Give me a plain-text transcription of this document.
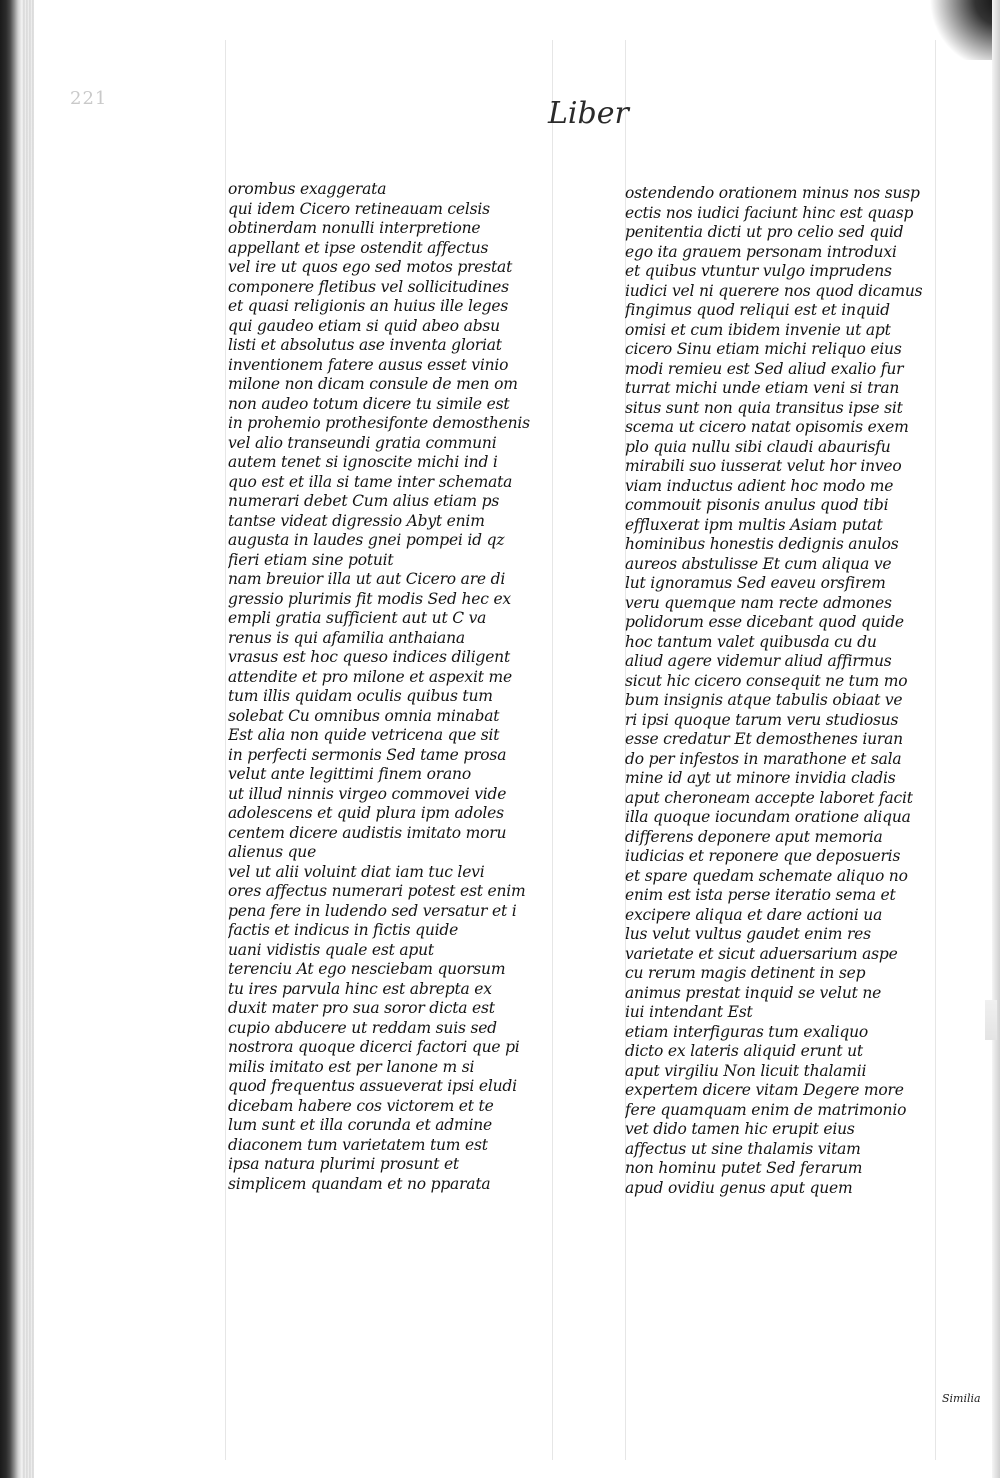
221	Liber
orombus exaggerata
qui idem Cicero retineauam celsis
obtinerdam nonulli interpretione
appellant et ipse ostendit affectus
vel ire ut quos ego sed motos prestat
componere fletibus vel sollicitudines
et quasi religionis an huius ille leges
qui gaudeo etiam si quid abeo absu
listi et absolutus ase inventa gloriat
inventionem fatere ausus esset vinio
milone non dicam consule de men om
non audeo totum dicere tu simile est
in prohemio prothesifonte demosthenis
vel alio transeundi gratia communi
autem tenet si ignoscite michi ind i
quo est et illa si tame inter schemata
numerari debet Cum alius etiam ps
tantse videat digressio Abyt enim
augusta in laudes gnei pompei id qz
fieri etiam sine potuit
nam breuior illa ut aut Cicero are di
gressio plurimis fit modis Sed hec ex
empli gratia sufficient aut ut C va
renus is qui afamilia anthaiana
vrasus est hoc queso indices diligent
attendite et pro milone et aspexit me
tum illis quidam oculis quibus tum
solebat Cu omnibus omnia minabat
Est alia non quide vetricena que sit
in perfecti sermonis Sed tame prosa
velut ante legittimi finem orano
ut illud ninnis virgeo commovei vide
adolescens et quid plura ipm adoles
centem dicere audistis imitato moru
alienus que
vel ut alii voluint diat iam tuc levi
ores affectus numerari potest est enim
pena fere in ludendo sed versatur et i
factis et indicus in fictis quide
uani vidistis quale est aput
terenciu At ego nesciebam quorsum
tu ires parvula hinc est abrepta ex
duxit mater pro sua soror dicta est
cupio abducere ut reddam suis sed
nostrora quoque dicerci factori que pi
milis imitato est per lanone m si
quod frequentus assueverat ipsi eludi
dicebam habere cos victorem et te
lum sunt et illa corunda et admine
diaconem tum varietatem tum est
ipsa natura plurimi prosunt et
simplicem quandam et no pparata
ostendendo orationem minus nos susp
ectis nos iudici faciunt hinc est quasp
penitentia dicti ut pro celio sed quid
ego ita grauem personam introduxi
et quibus vtuntur vulgo imprudens
iudici vel ni querere nos quod dicamus
fingimus quod reliqui est et inquid
omisi et cum ibidem invenie ut apt
cicero Sinu etiam michi reliquo eius
modi remieu est Sed aliud exalio fur
turrat michi unde etiam veni si tran
situs sunt non quia transitus ipse sit
scema ut cicero natat opisomis exem
plo quia nullu sibi claudi abaurisfu
mirabili suo iusserat velut hor inveo
viam inductus adient hoc modo me
commouit pisonis anulus quod tibi
effluxerat ipm multis Asiam putat
hominibus honestis dedignis anulos
aureos abstulisse Et cum aliqua ve
lut ignoramus Sed eaveu orsfirem
veru quemque nam recte admones
polidorum esse dicebant quod quide
hoc tantum valet quibusda cu du
aliud agere videmur aliud affirmus
sicut hic cicero consequit ne tum mo
bum insignis atque tabulis obiaat ve
ri ipsi quoque tarum veru studiosus
esse credatur Et demosthenes iuran
do per infestos in marathone et sala
mine id ayt ut minore invidia cladis
aput cheroneam accepte laboret facit
illa quoque iocundam oratione aliqua
differens deponere aput memoria
iudicias et reponere que deposueris
et spare quedam schemate aliquo no
enim est ista perse iteratio sema et
excipere aliqua et dare actioni ua
lus velut vultus gaudet enim res
varietate et sicut aduersarium aspe
cu rerum magis detinent in sep
animus prestat inquid se velut ne
iui intendant Est
etiam interfiguras tum exaliquo
dicto ex lateris aliquid erunt ut
aput virgiliu Non licuit thalamii
expertem dicere vitam Degere more
fere quamquam enim de matrimonio
vet dido tamen hic erupit eius
affectus ut sine thalamis vitam
non hominu putet Sed ferarum
apud ovidiu genus aput quem
Similia
